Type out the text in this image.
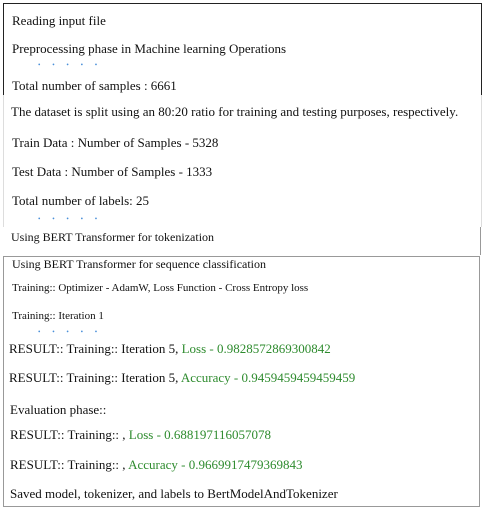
Reading input file
Preprocessing phase in Machine learning Operations
• • • • •
Total number of samples : 6661
The dataset is split using an 80:20 ratio for training and testing purposes, respectively.
Train Data : Number of Samples - 5328
Test Data : Number of Samples - 1333
Total number of labels: 25
• • • • •
Using BERT Transformer for tokenization
Using BERT Transformer for sequence classification
Training:: Optimizer - AdamW, Loss Function - Cross Entropy loss
Training:: Iteration 1
• • • • •
RESULT:: Training:: Iteration 5, Loss - 0.9828572869300842
RESULT:: Training:: Iteration 5, Accuracy - 0.9459459459459459
Evaluation phase::
RESULT:: Training:: , Loss - 0.688197116057078
RESULT:: Training:: , Accuracy - 0.9669917479369843
Saved model, tokenizer, and labels to BertModelAndTokenizer
